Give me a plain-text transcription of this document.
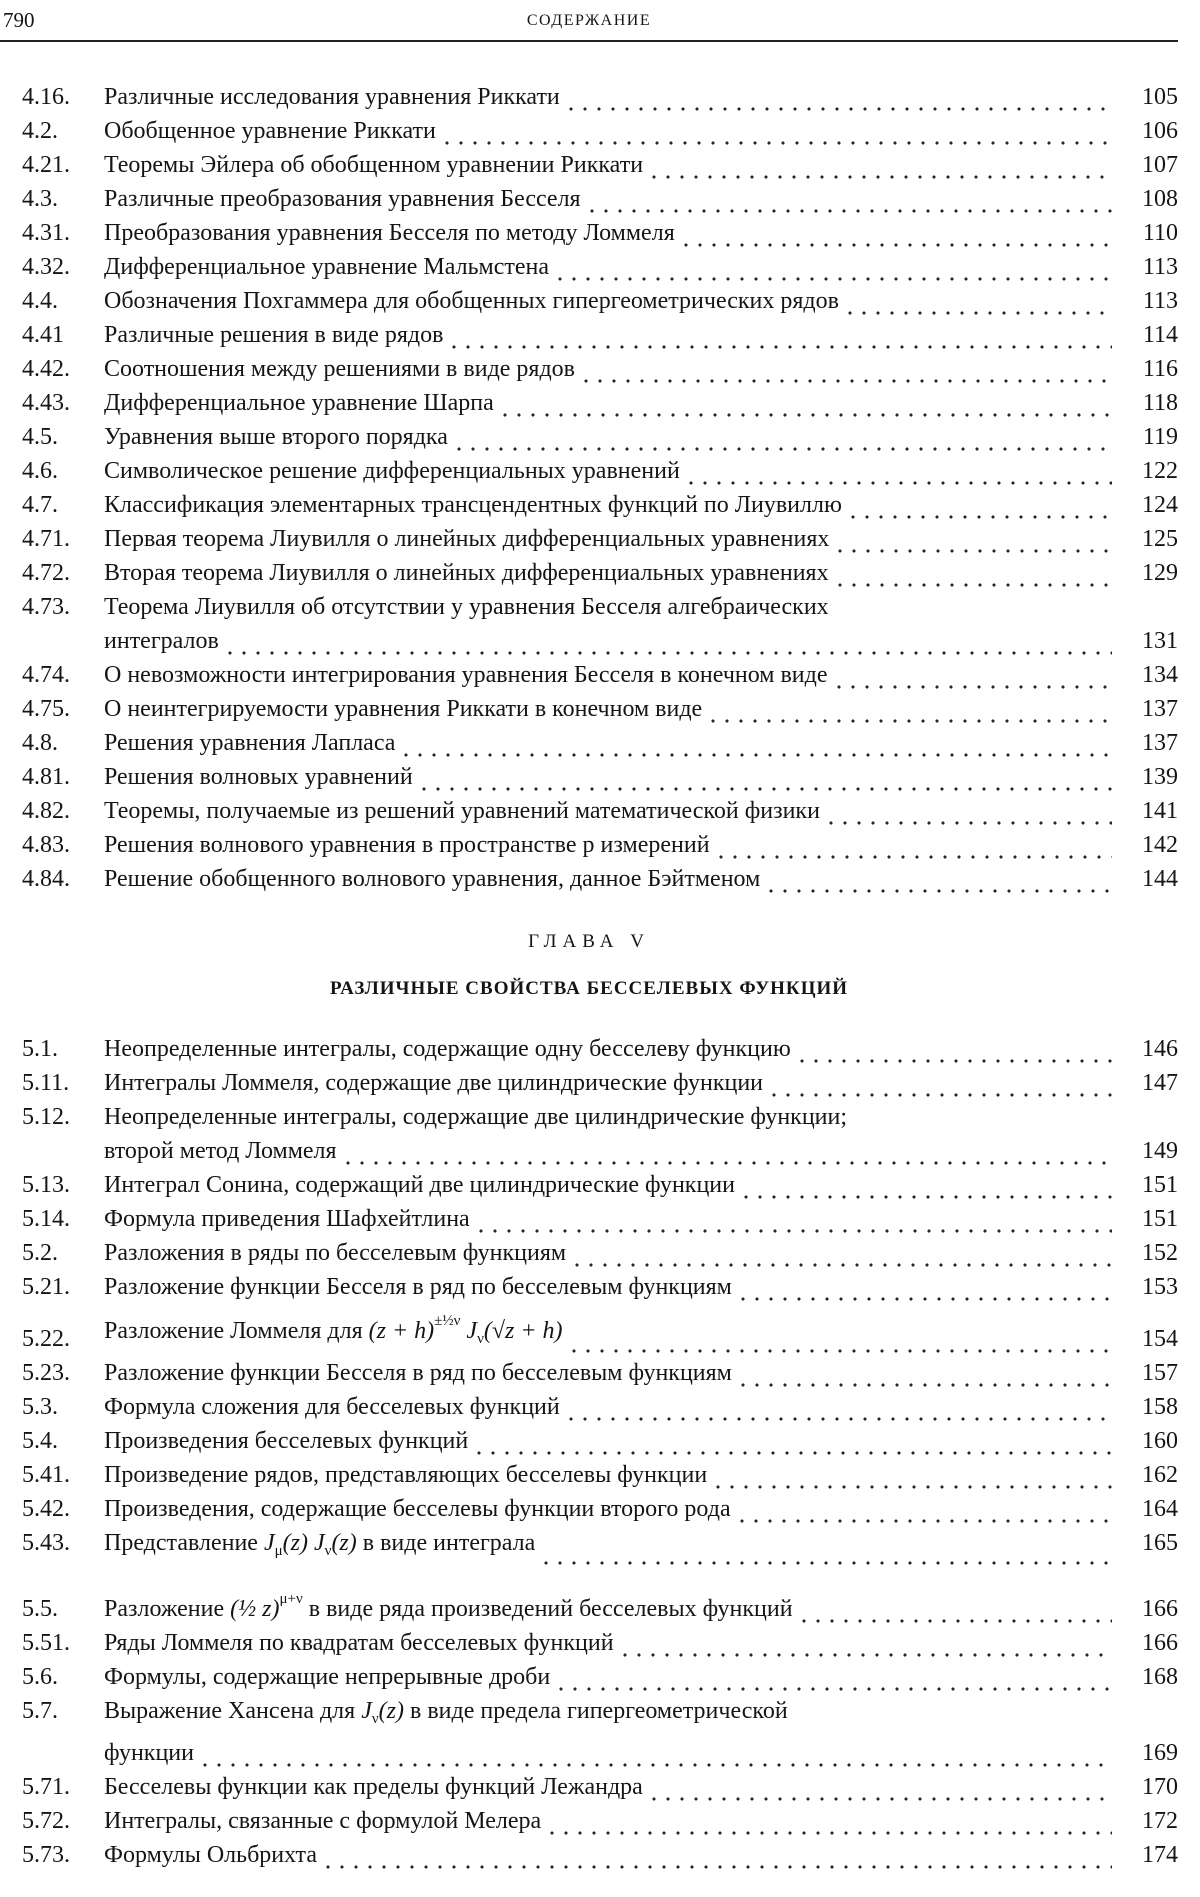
790	СОДЕРЖАНИЕ
4.16.	Различные исследования уравнения Риккати	105
4.2.	Обобщенное уравнение Риккати	106
4.21.	Теоремы Эйлера об обобщенном уравнении Риккати	107
4.3.	Различные преобразования уравнения Бесселя	108
4.31.	Преобразования уравнения Бесселя по методу Ломмеля	110
4.32.	Дифференциальное уравнение Мальмстена	113
4.4.	Обозначения Похгаммера для обобщенных гипергеометрических рядов	113
4.41	Различные решения в виде рядов	114
4.42.	Соотношения между решениями в виде рядов	116
4.43.	Дифференциальное уравнение Шарпа	118
4.5.	Уравнения выше второго порядка	119
4.6.	Символическое решение дифференциальных уравнений	122
4.7.	Классификация элементарных трансцендентных функций по Лиувиллю	124
4.71.	Первая теорема Лиувилля о линейных дифференциальных уравнениях	125
4.72.	Вторая теорема Лиувилля о линейных дифференциальных уравнениях	129
4.73.	Теорема Лиувилля об отсутствии у уравнения Бесселя алгебраических
интегралов	131
4.74.	О невозможности интегрирования уравнения Бесселя в конечном виде	134
4.75.	О неинтегрируемости уравнения Риккати в конечном виде	137
4.8.	Решения уравнения Лапласа	137
4.81.	Решения волновых уравнений	139
4.82.	Теоремы, получаемые из решений уравнений математической физики	141
4.83.	Решения волнового уравнения в пространстве p измерений	142
4.84.	Решение обобщенного волнового уравнения, данное Бэйтменом	144
ГЛАВА V
РАЗЛИЧНЫЕ СВОЙСТВА БЕССЕЛЕВЫХ ФУНКЦИЙ
5.1.	Неопределенные интегралы, содержащие одну бесселеву функцию	146
5.11.	Интегралы Ломмеля, содержащие две цилиндрические функции	147
5.12.	Неопределенные интегралы, содержащие две цилиндрические функции;
второй метод Ломмеля	149
5.13.	Интеграл Сонина, содержащий две цилиндрические функции	151
5.14.	Формула приведения Шафхейтлина	151
5.2.	Разложения в ряды по бесселевым функциям	152
5.21.	Разложение функции Бесселя в ряд по бесселевым функциям	153
5.22.	Разложение Ломмеля для $(z + h)^{\pm\frac{1}{2}\nu}$ $J_\nu(√z + h)$	154
5.23.	Разложение функции Бесселя в ряд по бесселевым функциям	157
5.3.	Формула сложения для бесселевых функций	158
5.4.	Произведения бесселевых функций	160
5.41.	Произведение рядов, представляющих бесселевы функции	162
5.42.	Произведения, содержащие бесселевы функции второго рода	164
5.43.	Представление $J_\mu(z)$ $J_\nu(z)$ в виде интеграла	165
5.5.	Разложение (½ z)$^{\mu+\nu}$ в виде ряда произведений бесселевых функций	166
5.51.	Ряды Ломмеля по квадратам бесселевых функций	166
5.6.	Формулы, содержащие непрерывные дроби	168
5.7.	Выражение Хансена для $J_\nu(z)$ в виде предела гипергеометрической
функции	169
5.71.	Бесселевы функции как пределы функций Лежандра	170
5.72.	Интегралы, связанные с формулой Мелера	172
5.73.	Формулы Ольбрихта	174
